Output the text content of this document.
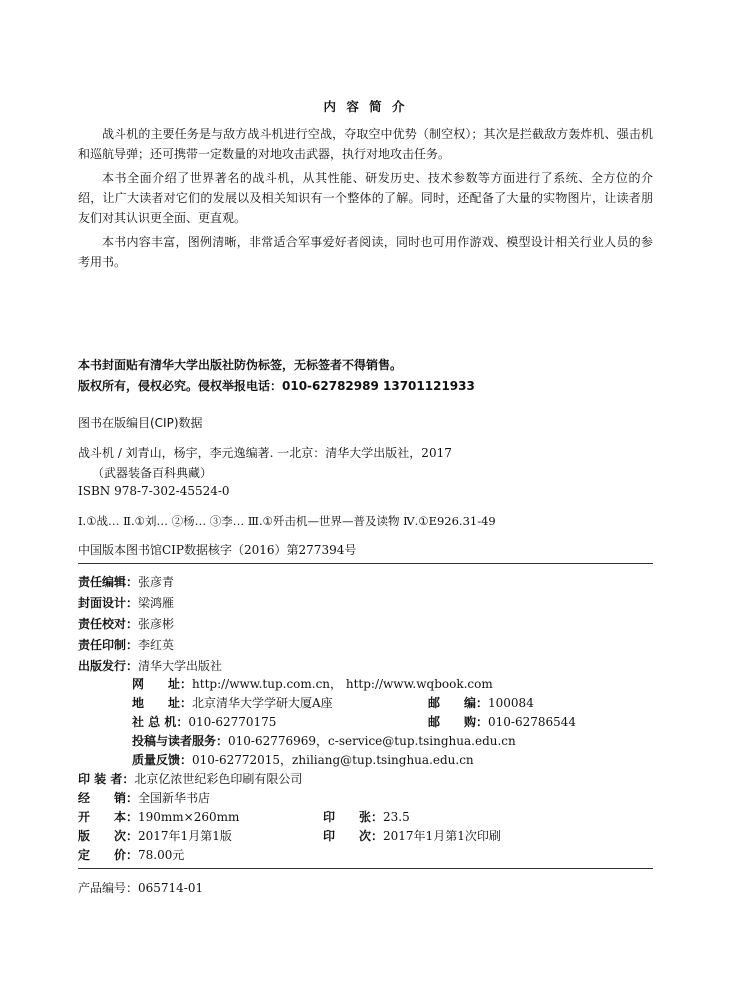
内 容 简 介
战斗机的主要任务是与敌方战斗机进行空战，夺取空中优势（制空权）；其次是拦截敌方轰炸机、强击机和巡航导弹；还可携带一定数量的对地攻击武器，执行对地攻击任务。
本书全面介绍了世界著名的战斗机，从其性能、研发历史、技术参数等方面进行了系统、全方位的介绍，让广大读者对它们的发展以及相关知识有一个整体的了解。同时，还配备了大量的实物图片，让读者朋友们对其认识更全面、更直观。
本书内容丰富，图例清晰，非常适合军事爱好者阅读，同时也可用作游戏、模型设计相关行业人员的参考用书。
本书封面贴有清华大学出版社防伪标签，无标签者不得销售。
版权所有，侵权必究。侵权举报电话：010-62782989 13701121933
图书在版编目(CIP)数据
战斗机 / 刘青山，杨宇，李元逸编著. 一北京：清华大学出版社，2017
（武器装备百科典藏）
ISBN 978-7-302-45524-0
Ⅰ.①战… Ⅱ.①刘… ②杨… ③李… Ⅲ.①歼击机—世界—普及读物 Ⅳ.①E926.31-49
中国版本图书馆CIP数据核字（2016）第277394号
责任编辑：张彦青
封面设计：梁鸿雁
责任校对：张彦彬
责任印制：李红英
出版发行：清华大学出版社
网　　址：http://www.tup.com.cn， http://www.wqbook.com
地　　址：北京清华大学学研大厦A座	邮　　编：100084
社 总 机：010-62770175	邮　　购：010-62786544
投稿与读者服务：010-62776969，c-service@tup.tsinghua.edu.cn
质量反馈：010-62772015，zhiliang@tup.tsinghua.edu.cn
印 装 者：北京亿浓世纪彩色印刷有限公司
经　　销：全国新华书店
开　　本：190mm×260mm	印　　张：23.5
版　　次：2017年1月第1版	印　　次：2017年1月第1次印刷
定　　价：78.00元
产品编号：065714-01
